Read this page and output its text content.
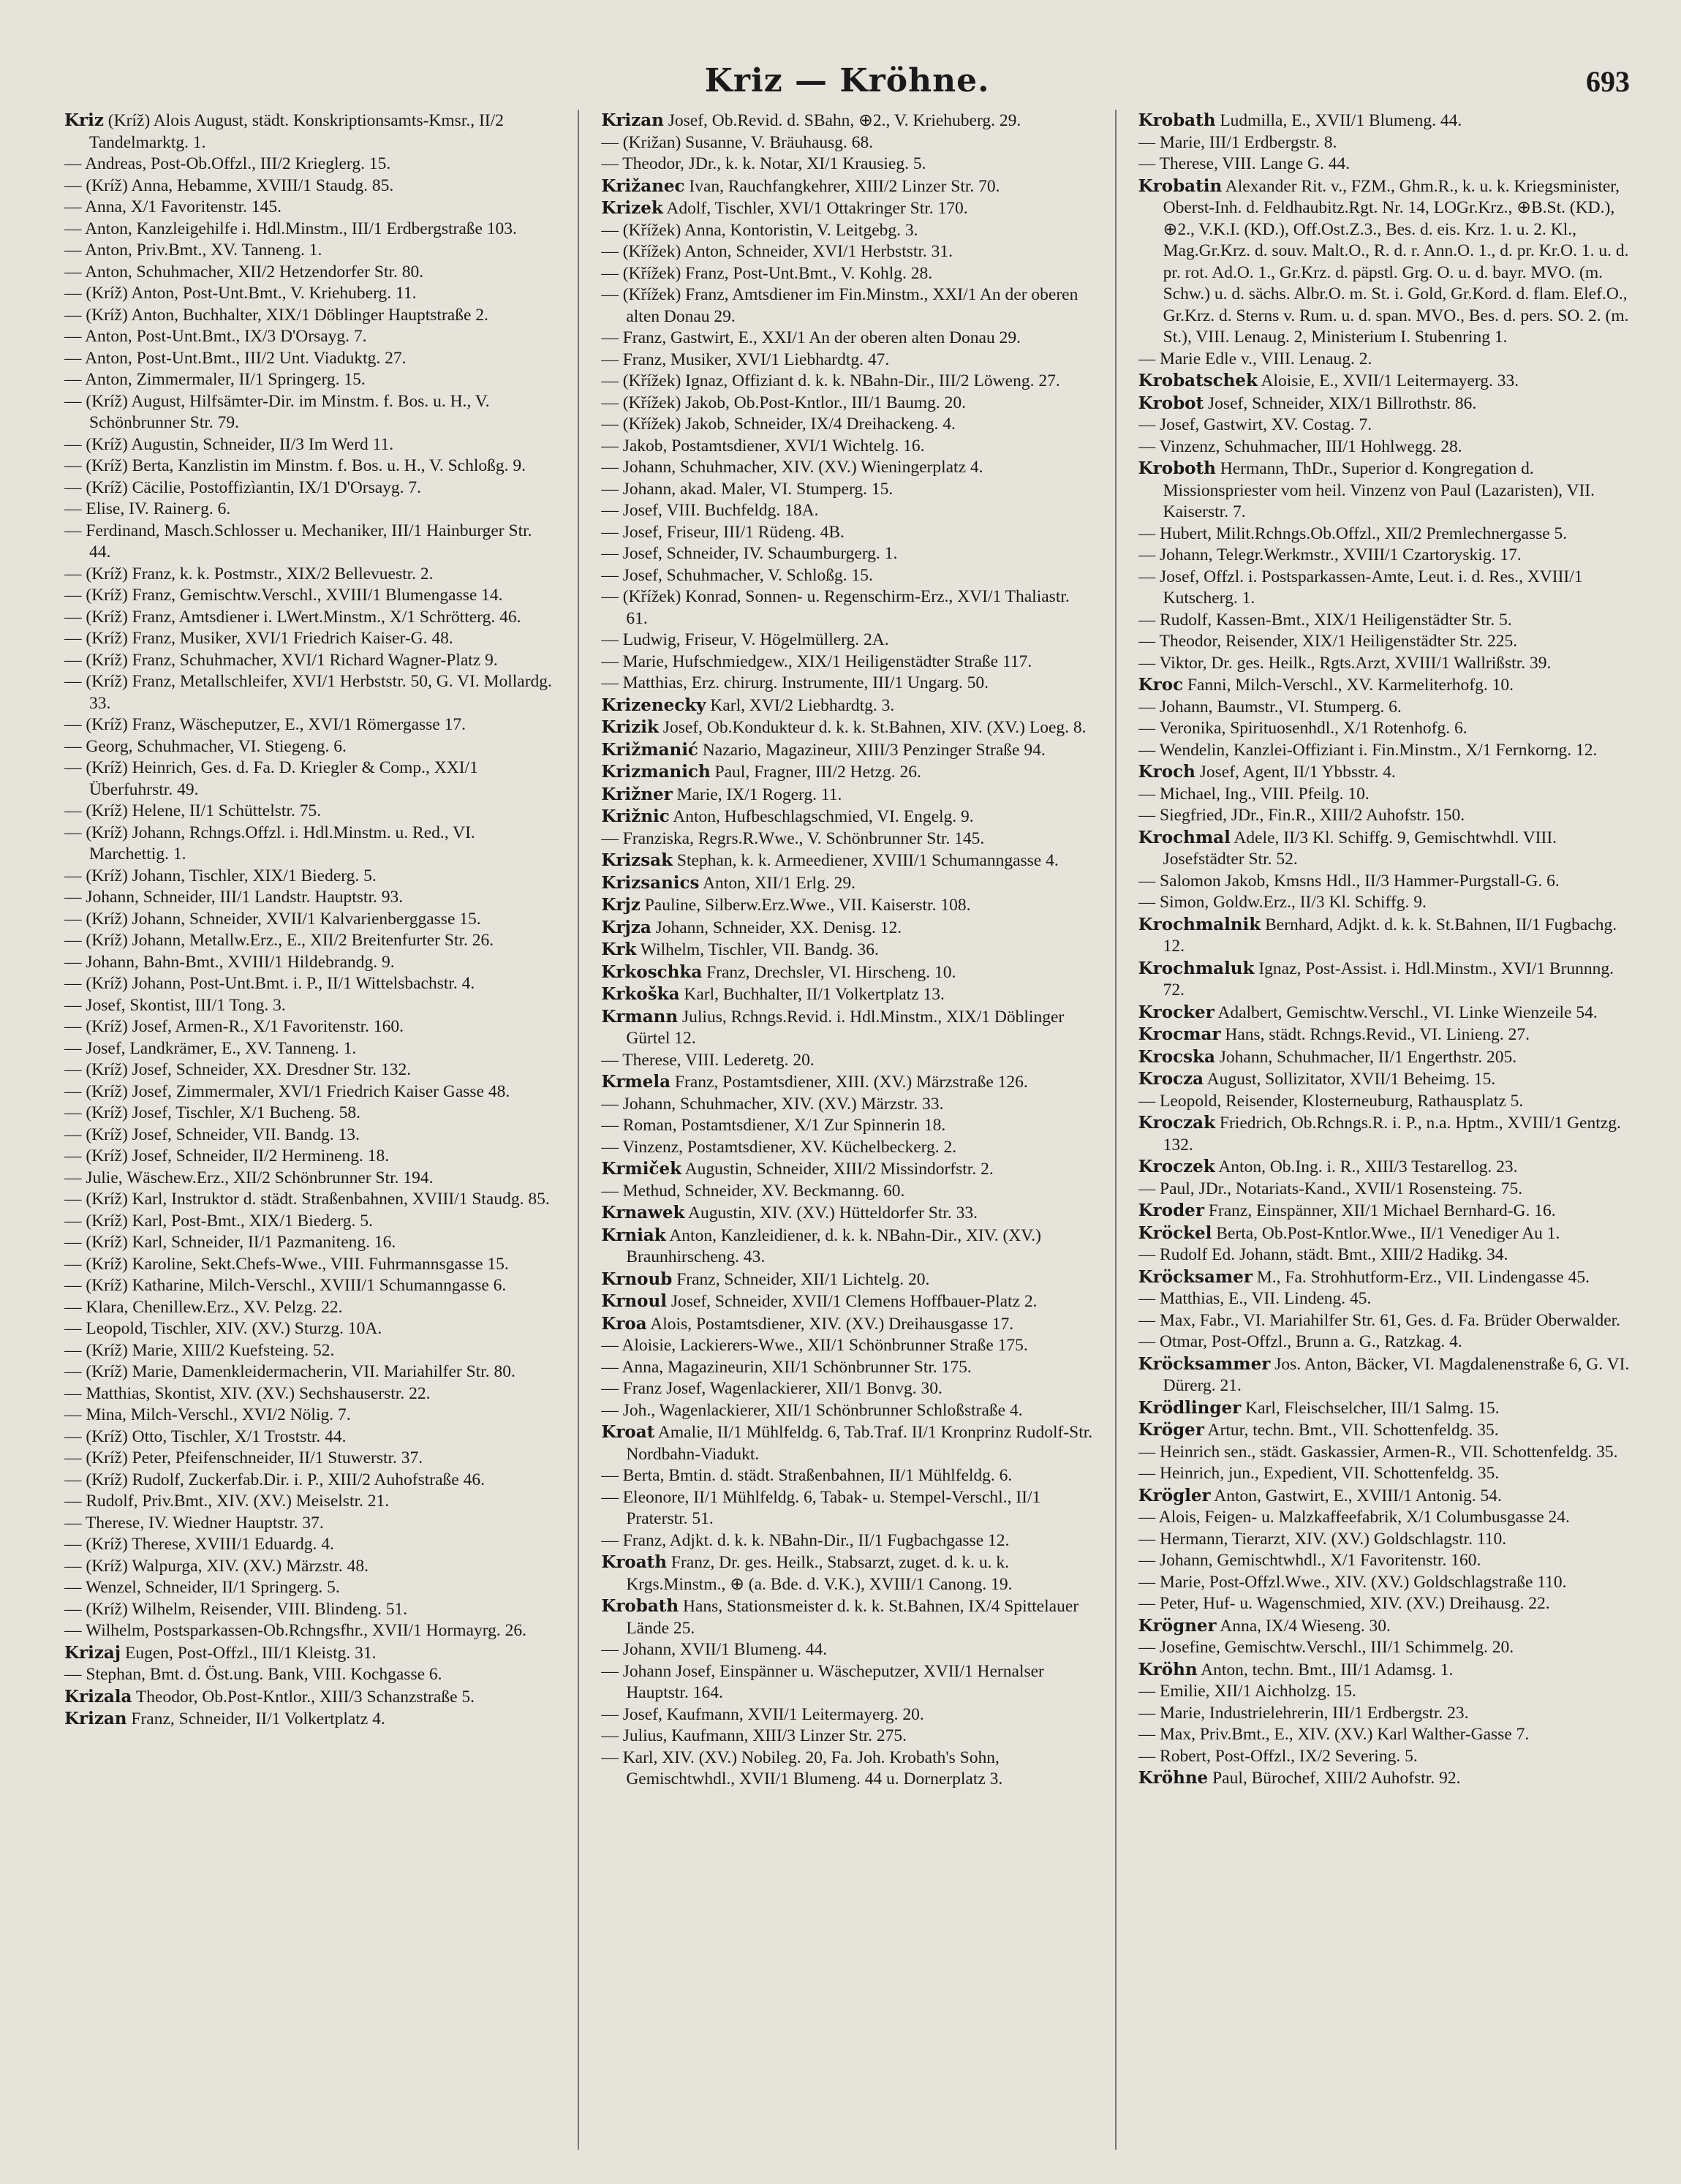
Kriz — Kröhne.	693

Kriz (Kríž) Alois August, städt. Konskriptionsamts-Kmsr., II/2 Tandelmarktg. 1.

— Andreas, Post-Ob.Offzl., III/2 Krieglerg. 15.

— (Kríž) Anna, Hebamme, XVIII/1 Staudg. 85.

— Anna, X/1 Favoritenstr. 145.

— Anton, Kanzleigehilfe i. Hdl.Minstm., III/1 Erdbergstraße 103.

— Anton, Priv.Bmt., XV. Tanneng. 1.

— Anton, Schuhmacher, XII/2 Hetzendorfer Str. 80.

— (Kríž) Anton, Post-Unt.Bmt., V. Kriehuberg. 11.

— (Kríž) Anton, Buchhalter, XIX/1 Döblinger Hauptstraße 2.

— Anton, Post-Unt.Bmt., IX/3 D'Orsayg. 7.

— Anton, Post-Unt.Bmt., III/2 Unt. Viaduktg. 27.

— Anton, Zimmermaler, II/1 Springerg. 15.

— (Kríž) August, Hilfsämter-Dir. im Minstm. f. Bos. u. H., V. Schönbrunner Str. 79.

— (Kríž) Augustin, Schneider, II/3 Im Werd 11.

— (Kríž) Berta, Kanzlistin im Minstm. f. Bos. u. H., V. Schloßg. 9.

— (Kríž) Cäcilie, Postoffizìantin, IX/1 D'Orsayg. 7.

— Elise, IV. Raineгg. 6.

— Ferdinand, Masch.Schlosser u. Mechaniker, III/1 Hainburger Str. 44.

— (Kríž) Franz, k. k. Postmstr., XIX/2 Bellevuestr. 2.

— (Kríž) Franz, Gemischtw.Verschl., XVIII/1 Blumengasse 14.

— (Kríž) Franz, Amtsdiener i. LWert.Minstm., X/1 Schrötterg. 46.

— (Kríž) Franz, Musiker, XVI/1 Friedrich Kaiser-G. 48.

— (Kríž) Franz, Schuhmacher, XVI/1 Richard Wagner-Platz 9.

— (Kríž) Franz, Metallschleifer, XVI/1 Herbststr. 50, G. VI. Mollardg. 33.

— (Kríž) Franz, Wäscheputzer, E., XVI/1 Römergasse 17.

— Georg, Schuhmacher, VI. Stiegeng. 6.

— (Kríž) Heinrich, Ges. d. Fa. D. Kriegler & Comp., XXI/1 Überfuhrstr. 49.

— (Kríž) Helene, II/1 Schüttelstr. 75.

— (Kríž) Johann, Rchngs.Offzl. i. Hdl.Minstm. u. Red., VI. Marchettig. 1.

— (Kríž) Johann, Tischler, XIX/1 Biederg. 5.

— Johann, Schneider, III/1 Landstr. Hauptstr. 93.

— (Kríž) Johann, Schneider, XVII/1 Kalvarienberggasse 15.

— (Kríž) Johann, Metallw.Erz., E., XII/2 Breitenfurter Str. 26.

— Johann, Bahn-Bmt., XVIII/1 Hildebrandg. 9.

— (Kríž) Johann, Post-Unt.Bmt. i. P., II/1 Wittelsbachstr. 4.

— Josef, Skontist, III/1 Tong. 3.

— (Kríž) Josef, Armen-R., X/1 Favoritenstr. 160.

— Josef, Landkrämer, E., XV. Tanneng. 1.

— (Kríž) Josef, Schneider, XX. Dresdner Str. 132.

— (Kríž) Josef, Zimmermaler, XVI/1 Friedrich Kaiser Gasse 48.

— (Kríž) Josef, Tischler, X/1 Bucheng. 58.

— (Kríž) Josef, Schneider, VII. Bandg. 13.

— (Kríž) Josef, Schneider, II/2 Hermineng. 18.

— Julie, Wäschew.Erz., XII/2 Schönbrunner Str. 194.

— (Kríž) Karl, Instruktor d. städt. Straßenbahnen, XVIII/1 Staudg. 85.

— (Kríž) Karl, Post-Bmt., XIX/1 Biederg. 5.

— (Kríž) Karl, Schneider, II/1 Pazmaniteng. 16.

— (Kríž) Karoline, Sekt.Chefs-Wwe., VIII. Fuhrmannsgasse 15.

— (Kríž) Katharine, Milch-Verschl., XVIII/1 Schumanngasse 6.

— Klara, Chenillew.Erz., XV. Pelzg. 22.

— Leopold, Tischler, XIV. (XV.) Sturzg. 10A.

— (Kríž) Marie, XIII/2 Kuefsteing. 52.

— (Kríž) Marie, Damenkleidermacherin, VII. Mariahilfer Str. 80.

— Matthias, Skontist, XIV. (XV.) Sechshauserstr. 22.

— Mina, Milch-Verschl., XVI/2 Nölig. 7.

— (Kríž) Otto, Tischler, X/1 Troststr. 44.

— (Kríž) Peter, Pfeifenschneider, II/1 Stuwerstr. 37.

— (Kríž) Rudolf, Zuckerfab.Dir. i. P., XIII/2 Auhofstraße 46.

— Rudolf, Priv.Bmt., XIV. (XV.) Meiselstr. 21.

— Therese, IV. Wiedner Hauptstr. 37.

— (Kríž) Therese, XVIII/1 Eduardg. 4.

— (Kríž) Walpurga, XIV. (XV.) Märzstr. 48.

— Wenzel, Schneider, II/1 Springerg. 5.

— (Kríž) Wilhelm, Reisender, VIII. Blindeng. 51.

— Wilhelm, Postsparkassen-Ob.Rchngsfhr., XVII/1 Hormayrg. 26.

Krizaj Eugen, Post-Offzl., III/1 Kleistg. 31.

— Stephan, Bmt. d. Öst.ung. Bank, VIII. Kochgasse 6.

Krizala Theodor, Ob.Post-Kntlor., XIII/3 Schanzstraße 5.

Krizan Franz, Schneider, II/1 Volkertplatz 4.

Krizan Josef, Ob.Revid. d. SBahn, ⊕2., V. Kriehuberg. 29.

— (Križan) Susanne, V. Bräuhausg. 68.

— Theodor, JDr., k. k. Notar, XI/1 Krausieg. 5.

Križanec Ivan, Rauchfangkehrer, XIII/2 Linzer Str. 70.

Krizek Adolf, Tischler, XVI/1 Ottakringer Str. 170.

— (Křížek) Anna, Kontoristin, V. Leitgebg. 3.

— (Křížek) Anton, Schneider, XVI/1 Herbststr. 31.

— (Křížek) Franz, Post-Unt.Bmt., V. Kohlg. 28.

— (Křížek) Franz, Amtsdiener im Fin.Minstm., XXI/1 An der oberen alten Donau 29.

— Franz, Gastwirt, E., XXI/1 An der oberen alten Donau 29.

— Franz, Musiker, XVI/1 Liebhardtg. 47.

— (Křížek) Ignaz, Offiziant d. k. k. NBahn-Dir., III/2 Löweng. 27.

— (Křížek) Jakob, Ob.Post-Kntlor., III/1 Baumg. 20.

— (Křížek) Jakob, Schneider, IX/4 Dreihackeng. 4.

— Jakob, Postamtsdiener, XVI/1 Wichtelg. 16.

— Johann, Schuhmacher, XIV. (XV.) Wieningerplatz 4.

— Johann, akad. Maler, VI. Stumperg. 15.

— Josef, VIII. Buchfeldg. 18A.

— Josef, Friseur, III/1 Rüdeng. 4B.

— Josef, Schneider, IV. Schaumburgerg. 1.

— Josef, Schuhmacher, V. Schloßg. 15.

— (Křížek) Konrad, Sonnen- u. Regenschirm-Erz., XVI/1 Thaliastr. 61.

— Ludwig, Friseur, V. Högelmüllerg. 2A.

— Marie, Hufschmiedgew., XIX/1 Heiligenstädter Straße 117.

— Matthias, Erz. chirurg. Instrumente, III/1 Ungarg. 50.

Krizenecky Karl, XVI/2 Liebhardtg. 3.

Krizik Josef, Ob.Kondukteur d. k. k. St.Bahnen, XIV. (XV.) Loeg. 8.

Križmanić Nazario, Magazineur, XIII/3 Penzinger Straße 94.

Krizmanich Paul, Fragner, III/2 Hetzg. 26.

Križner Marie, IX/1 Rogerg. 11.

Križnic Anton, Hufbeschlagschmied, VI. Engelg. 9.

— Franziska, Regrs.R.Wwe., V. Schönbrunner Str. 145.

Krizsak Stephan, k. k. Armeediener, XVIII/1 Schumanngasse 4.

Krizsanics Anton, XII/1 Erlg. 29.

Krjz Pauline, Silberw.Erz.Wwe., VII. Kaiserstr. 108.

Krjza Johann, Schneider, XX. Denisg. 12.

Krk Wilhelm, Tischler, VII. Bandg. 36.

Krkoschka Franz, Drechsler, VI. Hirscheng. 10.

Krkoška Karl, Buchhalter, II/1 Volkertplatz 13.

Krmann Julius, Rchngs.Revid. i. Hdl.Minstm., XIX/1 Döblinger Gürtel 12.

— Therese, VIII. Lederetg. 20.

Krmela Franz, Postamtsdiener, XIII. (XV.) Märzstraße 126.

— Johann, Schuhmacher, XIV. (XV.) Märzstr. 33.

— Roman, Postamtsdiener, X/1 Zur Spinnerin 18.

— Vinzenz, Postamtsdiener, XV. Küchelbeckerg. 2.

Krmiček Augustin, Schneider, XIII/2 Missindorfstr. 2.

— Methud, Schneider, XV. Beckmanng. 60.

Krnawek Augustin, XIV. (XV.) Hütteldorfer Str. 33.

Krniak Anton, Kanzleidiener, d. k. k. NBahn-Dir., XIV. (XV.) Braunhirscheng. 43.

Krnoub Franz, Schneider, XII/1 Lichtelg. 20.

Krnoul Josef, Schneider, XVII/1 Clemens Hoffbauer-Platz 2.

Kroa Alois, Postamtsdiener, XIV. (XV.) Dreihausgasse 17.

— Aloisie, Lackierers-Wwe., XII/1 Schönbrunner Straße 175.

— Anna, Magazineurin, XII/1 Schönbrunner Str. 175.

— Franz Josef, Wagenlackierer, XII/1 Bonvg. 30.

— Joh., Wagenlackierer, XII/1 Schönbrunner Schloßstraße 4.

Kroat Amalie, II/1 Mühlfeldg. 6, Tab.Traf. II/1 Kronprinz Rudolf-Str. Nordbahn-Viadukt.

— Berta, Bmtin. d. städt. Straßenbahnen, II/1 Mühlfeldg. 6.

— Eleonore, II/1 Mühlfeldg. 6, Tabak- u. Stempel-Verschl., II/1 Praterstr. 51.

— Franz, Adjkt. d. k. k. NBahn-Dir., II/1 Fugbachgasse 12.

Kroath Franz, Dr. ges. Heilk., Stabsarzt, zuget. d. k. u. k. Krgs.Minstm., ⊕ (a. Bde. d. V.K.), XVIII/1 Canong. 19.

Krobath Hans, Stationsmeister d. k. k. St.Bahnen, IX/4 Spittelauer Lände 25.

— Johann, XVII/1 Blumeng. 44.

— Johann Josef, Einspänner u. Wäscheputzer, XVII/1 Hernalser Hauptstr. 164.

— Josef, Kaufmann, XVII/1 Leitermayerg. 20.

— Julius, Kaufmann, XIII/3 Linzer Str. 275.

— Karl, XIV. (XV.) Nobileg. 20, Fa. Joh. Krobath's Sohn, Gemischtwhdl., XVII/1 Blumeng. 44 u. Dornerplatz 3.

Krobath Ludmilla, E., XVII/1 Blumeng. 44.

— Marie, III/1 Erdbergstr. 8.

— Therese, VIII. Lange G. 44.

Krobatin Alexander Rit. v., FZM., Ghm.R., k. u. k. Kriegsminister, Oberst-Inh. d. Feldhaubitz.Rgt. Nr. 14, LOGr.Krz., ⊕B.St. (KD.), ⊕2., V.K.I. (KD.), Off.Ost.Z.3., Bes. d. eis. Krz. 1. u. 2. Kl., Mag.Gr.Krz. d. souv. Malt.O., R. d. r. Ann.O. 1., d. pr. Kr.O. 1. u. d. pr. rot. Ad.O. 1., Gr.Krz. d. päpstl. Grg. O. u. d. bayr. MVO. (m. Schw.) u. d. sächs. Albr.O. m. St. i. Gold, Gr.Kord. d. flam. Elef.O., Gr.Krz. d. Sterns v. Rum. u. d. span. MVO., Bes. d. pers. SO. 2. (m. St.), VIII. Lenaug. 2, Ministerium I. Stubenring 1.

— Marie Edle v., VIII. Lenaug. 2.

Krobatschek Aloisie, E., XVII/1 Leitermayerg. 33.

Krobot Josef, Schneider, XIX/1 Billrothstr. 86.

— Josef, Gastwirt, XV. Costag. 7.

— Vinzenz, Schuhmacher, III/1 Hohlwegg. 28.

Kroboth Hermann, ThDr., Superior d. Kongregation d. Missionspriester vom heil. Vinzenz von Paul (Lazaristen), VII. Kaiserstr. 7.

— Hubert, Milit.Rchngs.Ob.Offzl., XII/2 Premlechnergasse 5.

— Johann, Telegr.Werkmstr., XVIII/1 Czartoryskig. 17.

— Josef, Offzl. i. Postsparkassen-Amte, Leut. i. d. Res., XVIII/1 Kutscherg. 1.

— Rudolf, Kassen-Bmt., XIX/1 Heiligenstädter Str. 5.

— Theodor, Reisender, XIX/1 Heiligenstädter Str. 225.

— Viktor, Dr. ges. Heilk., Rgts.Arzt, XVIII/1 Wallrißstr. 39.

Kroc Fanni, Milch-Verschl., XV. Karmeliterhofg. 10.

— Johann, Baumstr., VI. Stumperg. 6.

— Veronika, Spirituosenhdl., X/1 Rotenhofg. 6.

— Wendelin, Kanzlei-Offiziant i. Fin.Minstm., X/1 Fernkorng. 12.

Kroch Josef, Agent, II/1 Ybbsstr. 4.

— Michael, Ing., VIII. Pfeilg. 10.

— Siegfried, JDr., Fin.R., XIII/2 Auhofstr. 150.

Krochmal Adele, II/3 Kl. Schiffg. 9, Gemischtwhdl. VIII. Josefstädter Str. 52.

— Salomon Jakob, Kmsns Hdl., II/3 Hammer-Purgstall-G. 6.

— Simon, Goldw.Erz., II/3 Kl. Schiffg. 9.

Krochmalnik Bernhard, Adjkt. d. k. k. St.Bahnen, II/1 Fugbachg. 12.

Krochmaluk Ignaz, Post-Assist. i. Hdl.Minstm., XVI/1 Brunnng. 72.

Krocker Adalbert, Gemischtw.Verschl., VI. Linke Wienzeile 54.

Krocmar Hans, städt. Rchngs.Revid., VI. Linieng. 27.

Krocska Johann, Schuhmacher, II/1 Engerthstr. 205.

Krocza August, Sollizitator, XVII/1 Beheimg. 15.

— Leopold, Reisender, Klosterneuburg, Rathausplatz 5.

Kroczak Friedrich, Ob.Rchngs.R. i. P., n.a. Hptm., XVIII/1 Gentzg. 132.

Kroczek Anton, Ob.Ing. i. R., XIII/3 Testarellog. 23.

— Paul, JDr., Notariats-Kand., XVII/1 Rosensteing. 75.

Kroder Franz, Einspänner, XII/1 Michael Bernhard-G. 16.

Kröckel Berta, Ob.Post-Kntlor.Wwe., II/1 Venediger Au 1.

— Rudolf Ed. Johann, städt. Bmt., XIII/2 Hadikg. 34.

Kröcksamer M., Fa. Strohhutform-Erz., VII. Lindengasse 45.

— Matthias, E., VII. Lindeng. 45.

— Max, Fabr., VI. Mariahilfer Str. 61, Ges. d. Fa. Brüder Oberwalder.

— Otmar, Post-Offzl., Brunn a. G., Ratzkag. 4.

Kröcksammer Jos. Anton, Bäcker, VI. Magdalenenstraße 6, G. VI. Dürerg. 21.

Krödlinger Karl, Fleischselcher, III/1 Salmg. 15.

Kröger Artur, techn. Bmt., VII. Schottenfeldg. 35.

— Heinrich sen., städt. Gaskassier, Armen-R., VII. Schottenfeldg. 35.

— Heinrich, jun., Expedient, VII. Schottenfeldg. 35.

Krögler Anton, Gastwirt, E., XVIII/1 Antonig. 54.

— Alois, Feigen- u. Malzkaffeefabrik, X/1 Columbusgasse 24.

— Hermann, Tierarzt, XIV. (XV.) Goldschlagstr. 110.

— Johann, Gemischtwhdl., X/1 Favoritenstr. 160.

— Marie, Post-Offzl.Wwe., XIV. (XV.) Goldschlagstraße 110.

— Peter, Huf- u. Wagenschmied, XIV. (XV.) Dreihausg. 22.

Krögner Anna, IX/4 Wieseng. 30.

— Josefine, Gemischtw.Verschl., III/1 Schimmelg. 20.

Kröhn Anton, techn. Bmt., III/1 Adamsg. 1.

— Emilie, XII/1 Aichholzg. 15.

— Marie, Industrielehrerin, III/1 Erdbergstr. 23.

— Max, Priv.Bmt., E., XIV. (XV.) Karl Walther-Gasse 7.

— Robert, Post-Offzl., IX/2 Severing. 5.

Kröhne Paul, Bürochef, XIII/2 Auhofstr. 92.
